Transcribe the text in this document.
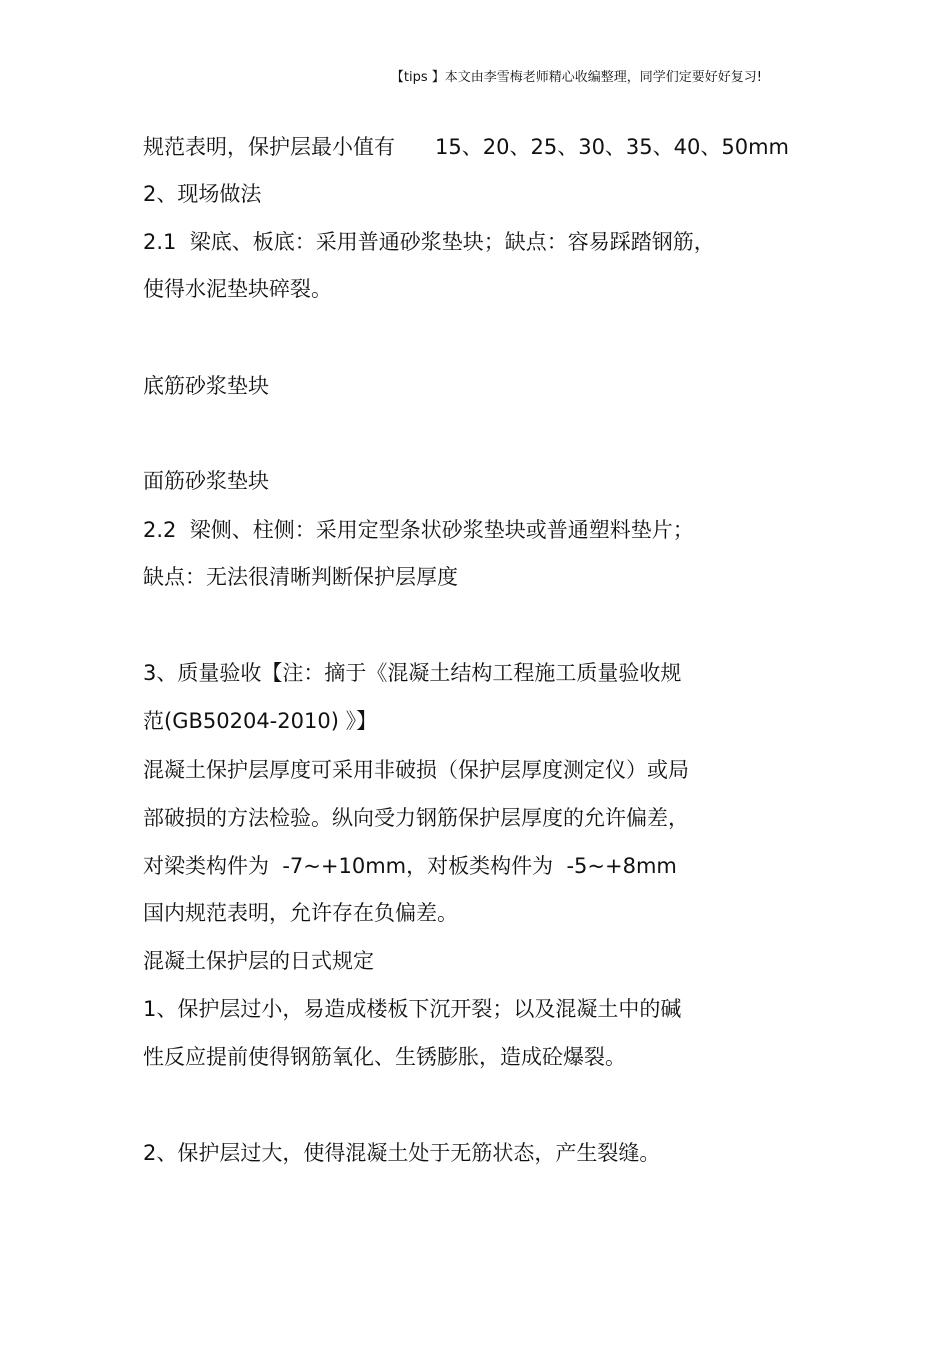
【tips 】本文由李雪梅老师精心收编整理，同学们定要好好复习!
规范表明，保护层最小值有      15、20、25、30、35、40、50mm
2、现场做法
2.1  梁底、板底：采用普通砂浆垫块；缺点：容易踩踏钢筋，
使得水泥垫块碎裂。
底筋砂浆垫块
面筋砂浆垫块
2.2  梁侧、柱侧：采用定型条状砂浆垫块或普通塑料垫片；
缺点：无法很清晰判断保护层厚度
3、质量验收【注：摘于《混凝土结构工程施工质量验收规
范(GB50204-2010) 》】
混凝土保护层厚度可采用非破损（保护层厚度测定仪）或局
部破损的方法检验。纵向受力钢筋保护层厚度的允许偏差，
对梁类构件为  -7~+10mm，对板类构件为  -5~+8mm
国内规范表明，允许存在负偏差。
混凝土保护层的日式规定
1、保护层过小，易造成楼板下沉开裂；以及混凝土中的碱
性反应提前使得钢筋氧化、生锈膨胀，造成砼爆裂。
2、保护层过大，使得混凝土处于无筋状态，产生裂缝。
